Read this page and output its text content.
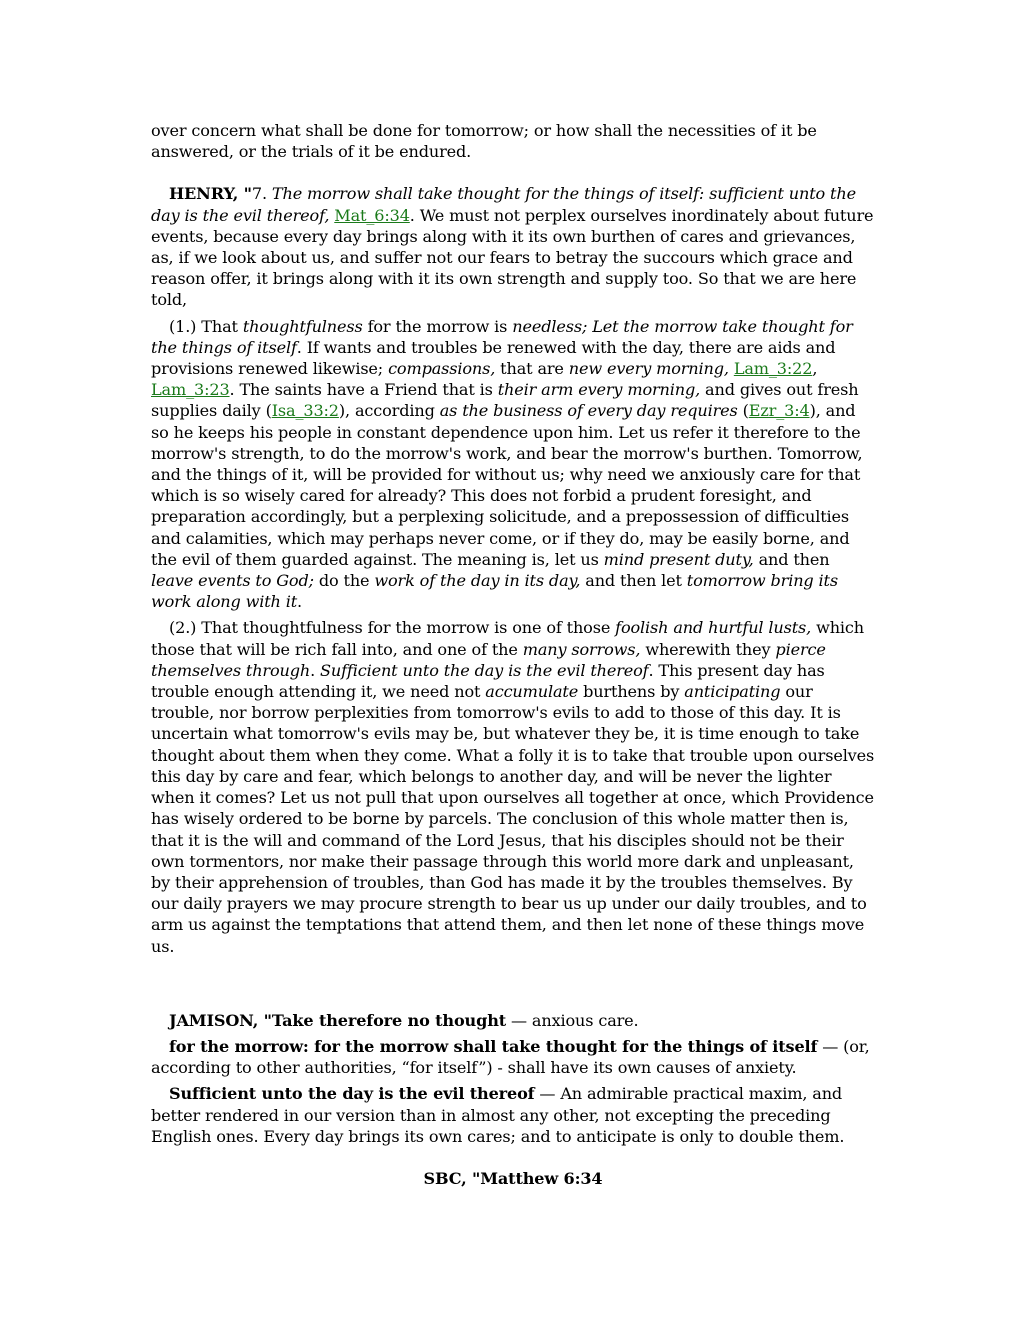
over concern what shall be done for tomorrow; or how shall the necessities of it be answered, or the trials of it be endured.

HENRY, "7. The morrow shall take thought for the things of itself: sufficient unto the day is the evil thereof, Mat_6:34. We must not perplex ourselves inordinately about future events, because every day brings along with it its own burthen of cares and grievances, as, if we look about us, and suffer not our fears to betray the succours which grace and reason offer, it brings along with it its own strength and supply too. So that we are here told,

(1.) That thoughtfulness for the morrow is needless; Let the morrow take thought for the things of itself. If wants and troubles be renewed with the day, there are aids and provisions renewed likewise; compassions, that are new every morning, Lam_3:22, Lam_3:23. The saints have a Friend that is their arm every morning, and gives out fresh supplies daily (Isa_33:2), according as the business of every day requires (Ezr_3:4), and so he keeps his people in constant dependence upon him. Let us refer it therefore to the morrow's strength, to do the morrow's work, and bear the morrow's burthen. Tomorrow, and the things of it, will be provided for without us; why need we anxiously care for that which is so wisely cared for already? This does not forbid a prudent foresight, and preparation accordingly, but a perplexing solicitude, and a prepossession of difficulties and calamities, which may perhaps never come, or if they do, may be easily borne, and the evil of them guarded against. The meaning is, let us mind present duty, and then leave events to God; do the work of the day in its day, and then let tomorrow bring its work along with it.

(2.) That thoughtfulness for the morrow is one of those foolish and hurtful lusts, which those that will be rich fall into, and one of the many sorrows, wherewith they pierce themselves through. Sufficient unto the day is the evil thereof. This present day has trouble enough attending it, we need not accumulate burthens by anticipating our trouble, nor borrow perplexities from tomorrow's evils to add to those of this day. It is uncertain what tomorrow's evils may be, but whatever they be, it is time enough to take thought about them when they come. What a folly it is to take that trouble upon ourselves this day by care and fear, which belongs to another day, and will be never the lighter when it comes? Let us not pull that upon ourselves all together at once, which Providence has wisely ordered to be borne by parcels. The conclusion of this whole matter then is, that it is the will and command of the Lord Jesus, that his disciples should not be their own tormentors, nor make their passage through this world more dark and unpleasant, by their apprehension of troubles, than God has made it by the troubles themselves. By our daily prayers we may procure strength to bear us up under our daily troubles, and to arm us against the temptations that attend them, and then let none of these things move us.

JAMISON, "Take therefore no thought — anxious care.

for the morrow: for the morrow shall take thought for the things of itself — (or, according to other authorities, “for itself”) - shall have its own causes of anxiety.

Sufficient unto the day is the evil thereof — An admirable practical maxim, and better rendered in our version than in almost any other, not excepting the preceding English ones. Every day brings its own cares; and to anticipate is only to double them.

SBC, "Matthew 6:34
